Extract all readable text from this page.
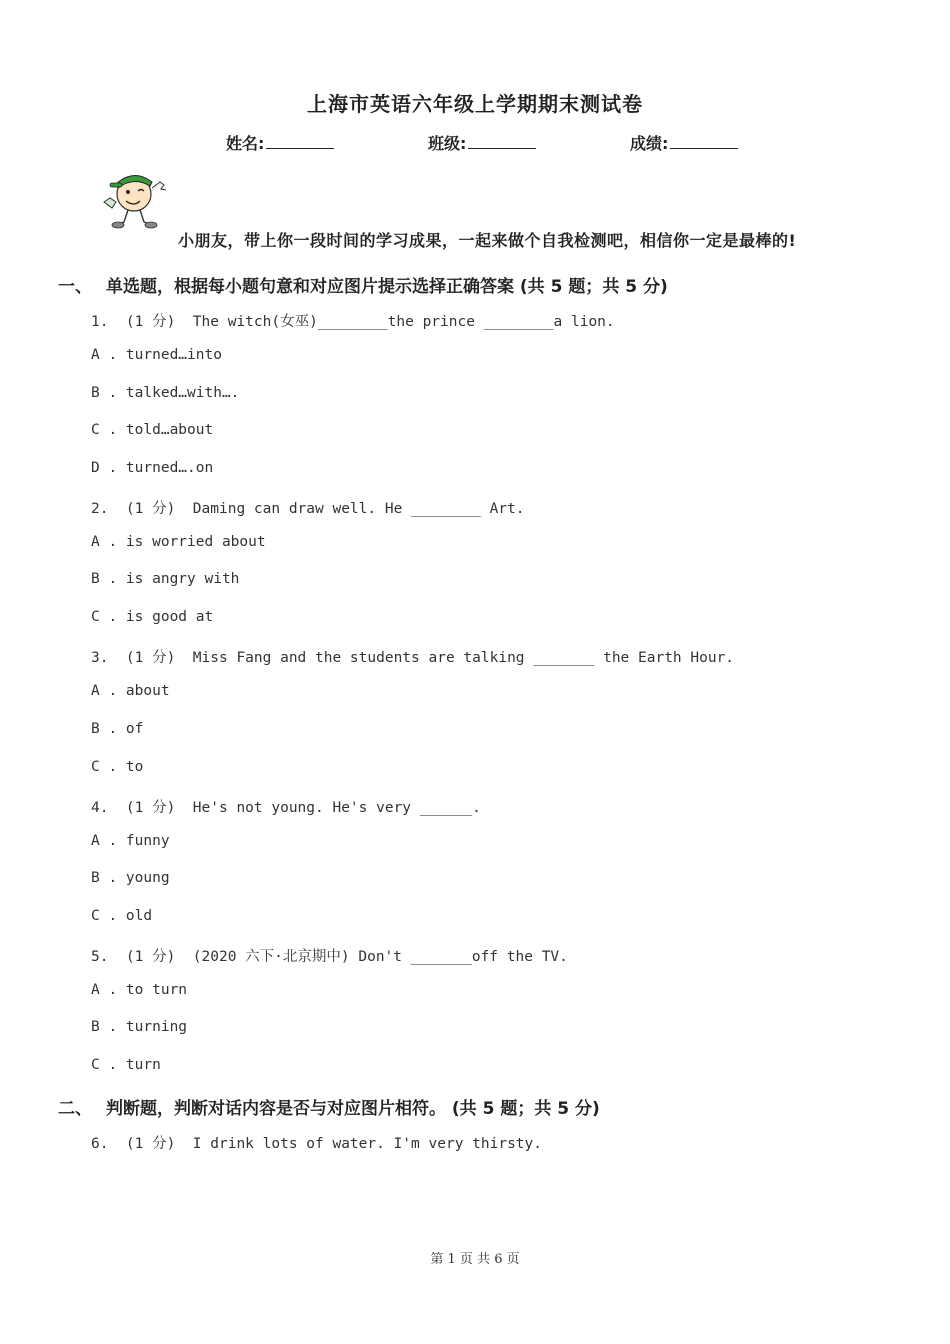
上海市英语六年级上学期期末测试卷
姓名:	班级:	成绩:
小朋友，带上你一段时间的学习成果，一起来做个自我检测吧，相信你一定是最棒的!
一、 单选题，根据每小题句意和对应图片提示选择正确答案 (共 5 题；共 5 分)
1.  (1 分)  The witch(女巫)________the prince ________a lion.
A . turned…into
B . talked…with….
C . told…about
D . turned….on
2.  (1 分)  Daming can draw well. He ________ Art.
A . is worried about
B . is angry with
C . is good at
3.  (1 分)  Miss Fang and the students are talking _______ the Earth Hour.
A . about
B . of
C . to
4.  (1 分)  He's not young. He's very ______.
A . funny
B . young
C . old
5.  (1 分)  (2020 六下·北京期中) Don't _______off the TV.
A . to turn
B . turning
C . turn
二、 判断题，判断对话内容是否与对应图片相符。 (共 5 题；共 5 分)
6.  (1 分)  I drink lots of water. I'm very thirsty.
第 1 页 共 6 页
